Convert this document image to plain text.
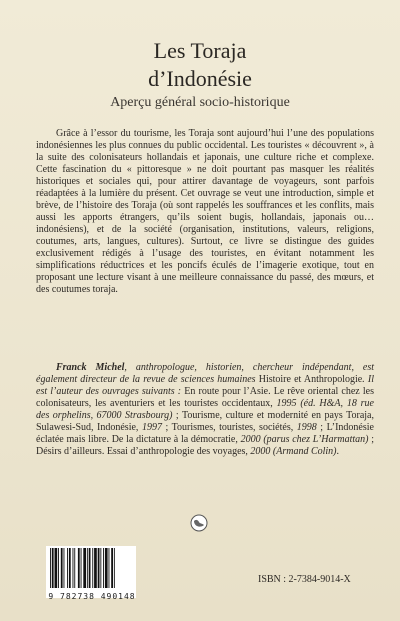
Les Toraja
d’Indonésie
Aperçu général socio-historique

Grâce à l’essor du tourisme, les Toraja sont aujourd’hui l’une des populations indonésiennes les plus connues du public occidental. Les touristes « découvrent », à la suite des colonisateurs hollandais et japonais, une culture riche et complexe. Cette fascination du « pittoresque » ne doit pourtant pas masquer les réalités historiques et sociales qui, pour attirer davantage de voyageurs, sont parfois réadaptées à la lumière du présent. Cet ouvrage se veut une introduction, simple et brève, de l’histoire des Toraja (où sont rappelés les souffrances et les conflits, mais aussi les apports étrangers, qu’ils soient bugis, hollandais, japonais ou… indonésiens), et de la société (organisation, institutions, valeurs, religions, coutumes, arts, langues, cultures). Surtout, ce livre se distingue des guides exclusivement rédigés à l’usage des touristes, en évitant notamment les simplifications réductrices et les poncifs éculés de l’imagerie exotique, tout en proposant une lecture visant à une meilleure connaissance du passé, des mœurs, et des coutumes toraja.

Franck Michel, anthropologue, historien, chercheur indépendant, est également directeur de la revue de sciences humaines Histoire et Anthropologie. Il est l’auteur des ouvrages suivants : En route pour l’Asie. Le rêve oriental chez les colonisateurs, les aventuriers et les touristes occidentaux, 1995 (éd. H&A, 18 rue des orphelins, 67000 Strasbourg) ; Tourisme, culture et modernité en pays Toraja, Sulawesi-Sud, Indonésie, 1997 ; Tourismes, touristes, sociétés, 1998 ; L’Indonésie éclatée mais libre. De la dictature à la démocratie, 2000 (parus chez L’Harmattan) ; Désirs d’ailleurs. Essai d’anthropologie des voyages, 2000 (Armand Colin).

9 782738 490148
ISBN : 2-7384-9014-X
